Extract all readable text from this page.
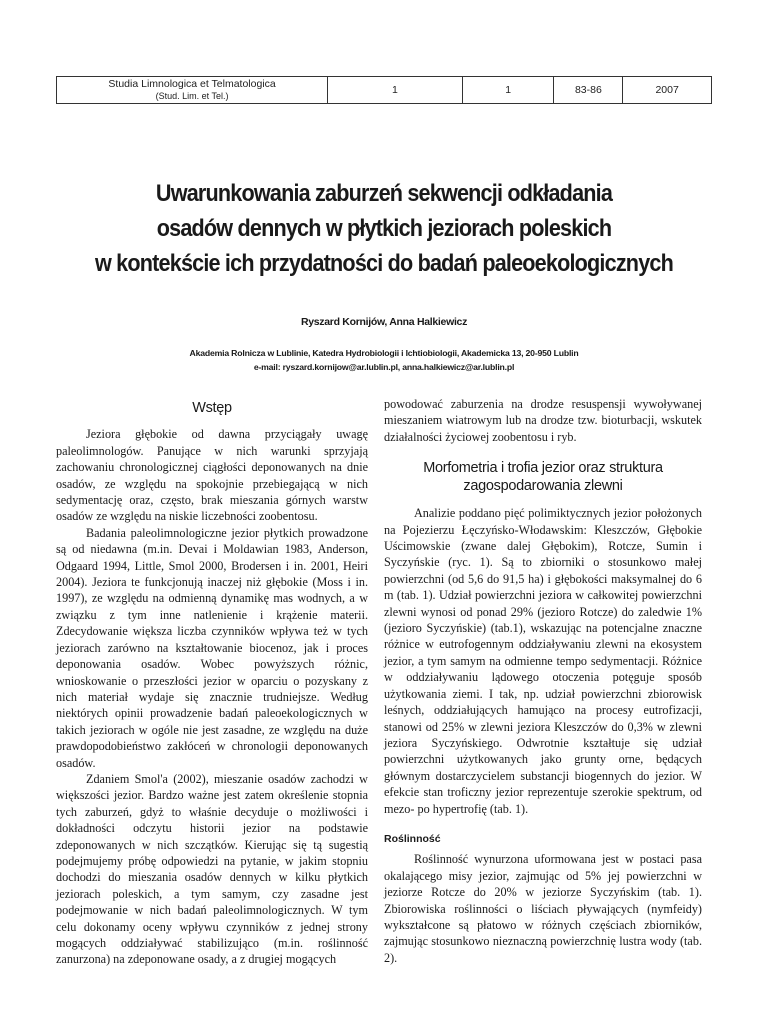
Studia Limnologica et Telmatologica
(Stud. Lim. et Tel.)	1	1	83-86	2007
Uwarunkowania zaburzeń sekwencji odkładania
osadów dennych w płytkich jeziorach poleskich
w kontekście ich przydatności do badań paleoekologicznych
Ryszard Kornijów, Anna Halkiewicz
Akademia Rolnicza w Lublinie, Katedra Hydrobiologii i Ichtiobiologii, Akademicka 13, 20-950 Lublin
e-mail: ryszard.kornijow@ar.lublin.pl, anna.halkiewicz@ar.lublin.pl
Wstęp

Jeziora głębokie od dawna przyciągały uwagę paleolimnologów. Panujące w nich warunki sprzyjają zachowaniu chronologicznej ciągłości deponowanych na dnie osadów, ze względu na spokojnie przebiegającą w nich sedymentację oraz, często, brak mieszania górnych warstw osadów ze względu na niskie liczebności zoobentosu.

Badania paleolimnologiczne jezior płytkich prowadzone są od niedawna (m.in. Devai i Moldawian 1983, Anderson, Odgaard 1994, Little, Smol 2000, Brodersen i in. 2001, Heiri 2004). Jeziora te funkcjonują inaczej niż głębokie (Moss i in. 1997), ze względu na odmienną dynamikę mas wodnych, a w związku z tym inne natlenienie i krążenie materii. Zdecydowanie większa liczba czynników wpływa też w tych jeziorach zarówno na kształtowanie biocenoz, jak i proces deponowania osadów. Wobec powyższych różnic, wnioskowanie o przeszłości jezior w oparciu o pozyskany z nich materiał wydaje się znacznie trudniejsze. Według niektórych opinii prowadzenie badań paleoekologicznych w takich jeziorach w ogóle nie jest zasadne, ze względu na duże prawdopodobieństwo zakłóceń w chronologii deponowanych osadów.

Zdaniem Smol'a (2002), mieszanie osadów zachodzi w większości jezior. Bardzo ważne jest zatem określenie stopnia tych zaburzeń, gdyż to właśnie decyduje o możliwości i dokładności odczytu historii jezior na podstawie zdeponowanych w nich szczątków. Kierując się tą sugestią podejmujemy próbę odpowiedzi na pytanie, w jakim stopniu dochodzi do mieszania osadów dennych w kilku płytkich jeziorach poleskich, a tym samym, czy zasadne jest podejmowanie w nich badań paleolimnologicznych. W tym celu dokonamy oceny wpływu czynników z jednej strony mogących oddziaływać stabilizująco (m.in. roślinność zanurzona) na zdeponowane osady, a z drugiej mogących

powodować zaburzenia na drodze resuspensji wywoływanej mieszaniem wiatrowym lub na drodze tzw. bioturbacji, wskutek działalności życiowej zoobentosu i ryb.

Morfometria i trofia jezior oraz struktura zagospodarowania zlewni

Analizie poddano pięć polimiktycznych jezior położonych na Pojezierzu Łęczyńsko-Włodawskim: Kleszczów, Głębokie Uścimowskie (zwane dalej Głębokim), Rotcze, Sumin i Syczyńskie (ryc. 1). Są to zbiorniki o stosunkowo małej powierzchni (od 5,6 do 91,5 ha) i głębokości maksymalnej do 6 m (tab. 1). Udział powierzchni jeziora w całkowitej powierzchni zlewni wynosi od ponad 29% (jezioro Rotcze) do zaledwie 1% (jezioro Syczyńskie) (tab.1), wskazując na potencjalne znaczne różnice w eutrofogennym oddziaływaniu zlewni na ekosystem jezior, a tym samym na odmienne tempo sedymentacji. Różnice w oddziaływaniu lądowego otoczenia potęguje sposób użytkowania ziemi. I tak, np. udział powierzchni zbiorowisk leśnych, oddziałujących hamująco na procesy eutrofizacji, stanowi od 25% w zlewni jeziora Kleszczów do 0,3% w zlewni jeziora Syczyńskiego. Odwrotnie kształtuje się udział powierzchni użytkowanych jako grunty orne, będących głównym dostarczycielem substancji biogennych do jezior. W efekcie stan troficzny jezior reprezentuje szerokie spektrum, od mezo- po hypertrofię (tab. 1).

Roślinność

Roślinność wynurzona uformowana jest w postaci pasa okalającego misy jezior, zajmując od 5% jej powierzchni w jeziorze Rotcze do 20% w jeziorze Syczyńskim (tab. 1). Zbiorowiska roślinności o liściach pływających (nymfeidy) wykształcone są płatowo w różnych częściach zbiorników, zajmując stosunkowo nieznaczną powierzchnię lustra wody (tab. 2).
